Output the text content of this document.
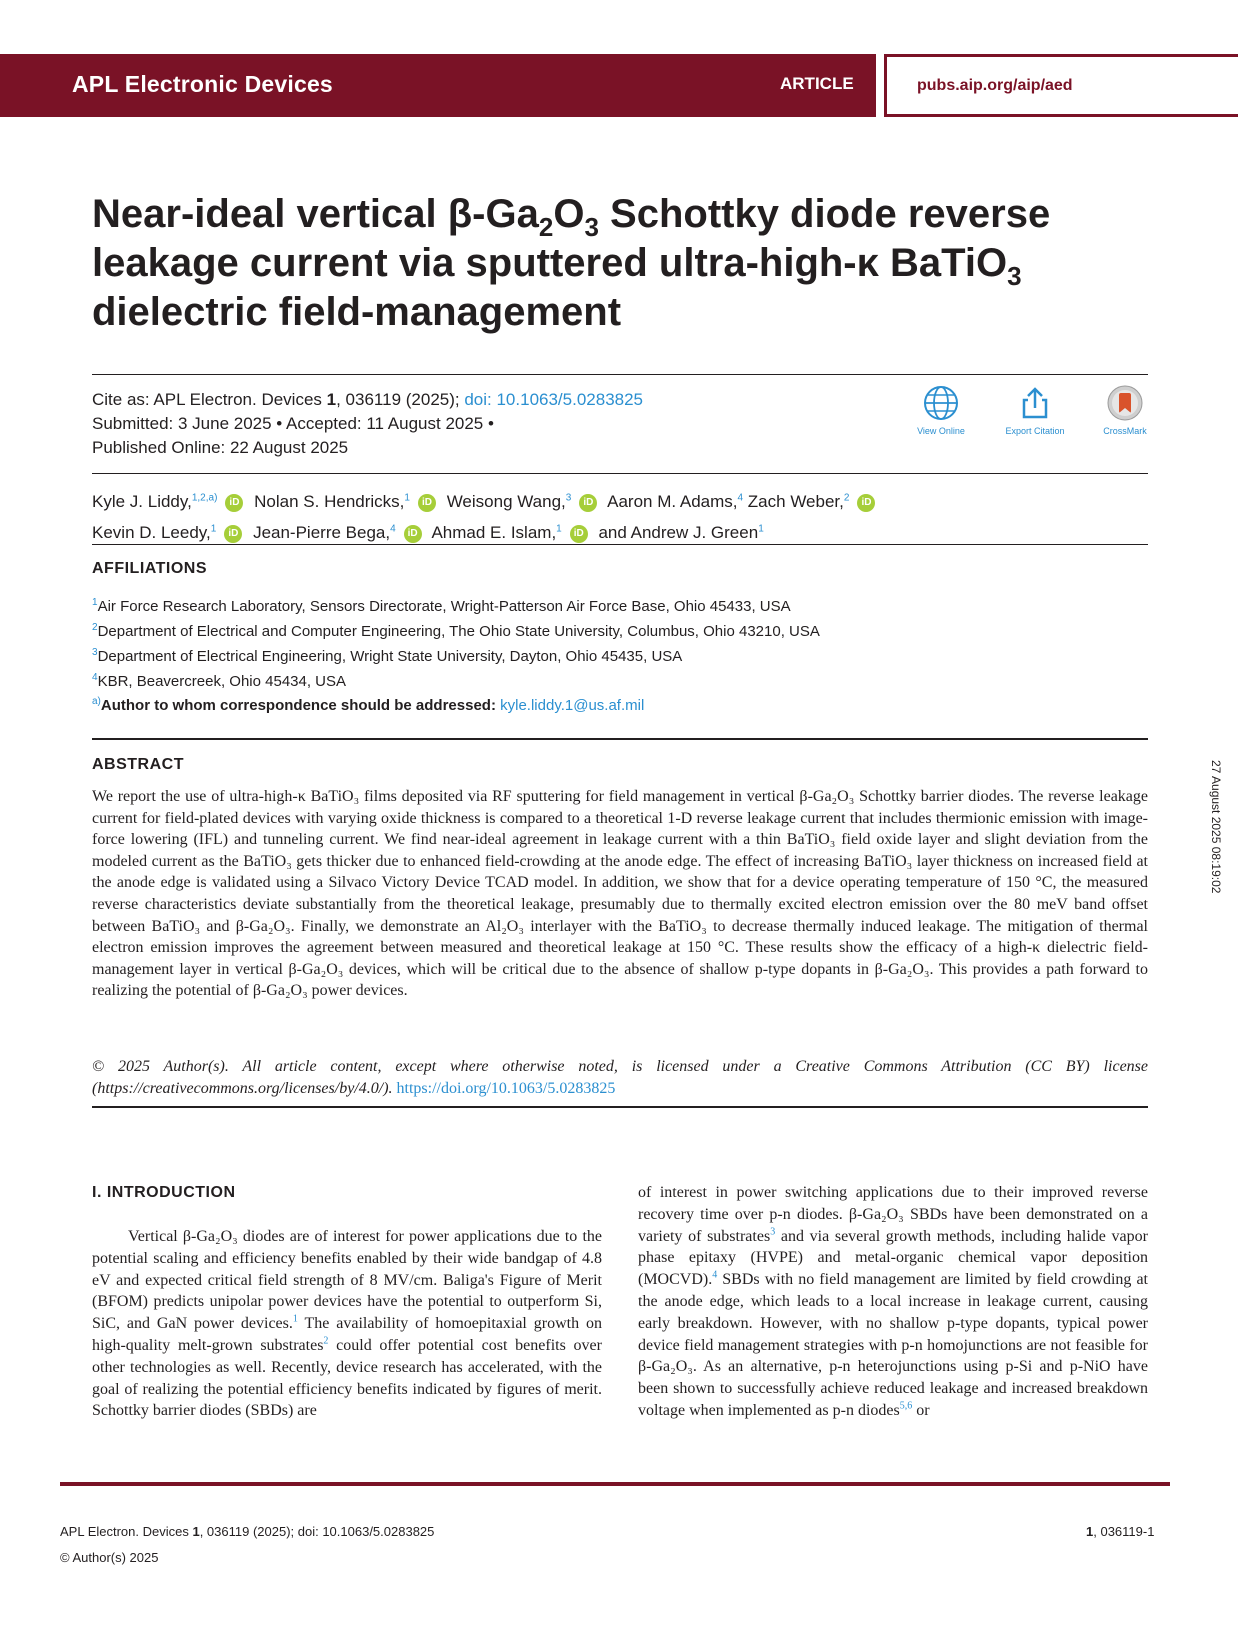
APL Electronic Devices	ARTICLE	pubs.aip.org/aip/aed
Near-ideal vertical $\beta-Ga_2O_3$ Schottky diode reverse
leakage current via sputtered ultra-high-κ BaTiO$_3$
dielectric field-management
Cite as: APL Electron. Devices 1, 036119 (2025); doi: 10.1063/5.0283825
Submitted: 3 June 2025 • Accepted: 11 August 2025 •
Published Online: 22 August 2025
View Online	Export Citation	CrossMark
Kyle J. Liddy,$^{1,2,a)}$ iD Nolan S. Hendricks,$^1$ iD Weisong Wang,$^3$ iD Aaron M. Adams,$^4$ Zach Weber,$^2$ iD
Kevin D. Leedy,$^1$ iD Jean-Pierre Bega,$^4$ iD Ahmad E. Islam,$^1$ iD and Andrew J. Green$^1$
AFFILIATIONS
$^1$Air Force Research Laboratory, Sensors Directorate, Wright-Patterson Air Force Base, Ohio 45433, USA
$^2$Department of Electrical and Computer Engineering, The Ohio State University, Columbus, Ohio 43210, USA
$^3$Department of Electrical Engineering, Wright State University, Dayton, Ohio 45435, USA
$^4$KBR, Beavercreek, Ohio 45434, USA
$^{a)}$Author to whom correspondence should be addressed: kyle.liddy.1@us.af.mil
ABSTRACT
We report the use of ultra-high-κ BaTiO₃ films deposited via RF sputtering for field management in vertical β-Ga₂O₃ Schottky barrier diodes. The reverse leakage current for field-plated devices with varying oxide thickness is compared to a theoretical 1-D reverse leakage current that includes thermionic emission with image-force lowering (IFL) and tunneling current. We find near-ideal agreement in leakage current with a thin BaTiO₃ field oxide layer and slight deviation from the modeled current as the BaTiO₃ gets thicker due to enhanced field-crowding at the anode edge. The effect of increasing BaTiO₃ layer thickness on increased field at the anode edge is validated using a Silvaco Victory Device TCAD model. In addition, we show that for a device operating temperature of 150 °C, the measured reverse characteristics deviate substantially from the theoretical leakage, presumably due to thermally excited electron emission over the 80 meV band offset between BaTiO₃ and β-Ga₂O₃. Finally, we demonstrate an Al₂O₃ interlayer with the BaTiO₃ to decrease thermally induced leakage. The mitigation of thermal electron emission improves the agreement between measured and theoretical leakage at 150 °C. These results show the efficacy of a high-κ dielectric field-management layer in vertical β-Ga₂O₃ devices, which will be critical due to the absence of shallow p-type dopants in β-Ga₂O₃. This provides a path forward to realizing the potential of β-Ga₂O₃ power devices.
© 2025 Author(s). All article content, except where otherwise noted, is licensed under a Creative Commons Attribution (CC BY) license (https://creativecommons.org/licenses/by/4.0/). https://doi.org/10.1063/5.0283825
I. INTRODUCTION
Vertical β-Ga₂O₃ diodes are of interest for power applications due to the potential scaling and efficiency benefits enabled by their wide bandgap of 4.8 eV and expected critical field strength of 8 MV/cm. Baliga's Figure of Merit (BFOM) predicts unipolar power devices have the potential to outperform Si, SiC, and GaN power devices.$^1$ The availability of homoepitaxial growth on high-quality melt-grown substrates$^2$ could offer potential cost benefits over other technologies as well. Recently, device research has accelerated, with the goal of realizing the potential efficiency benefits indicated by figures of merit. Schottky barrier diodes (SBDs) are
of interest in power switching applications due to their improved reverse recovery time over p-n diodes. β-Ga₂O₃ SBDs have been demonstrated on a variety of substrates$^3$ and via several growth methods, including halide vapor phase epitaxy (HVPE) and metal-organic chemical vapor deposition (MOCVD).$^4$ SBDs with no field management are limited by field crowding at the anode edge, which leads to a local increase in leakage current, causing early breakdown. However, with no shallow p-type dopants, typical power device field management strategies with p-n homojunctions are not feasible for β-Ga₂O₃. As an alternative, p-n heterojunctions using p-Si and p-NiO have been shown to successfully achieve reduced leakage and increased breakdown voltage when implemented as p-n diodes$^{5,6}$ or
APL Electron. Devices 1, 036119 (2025); doi: 10.1063/5.0283825
© Author(s) 2025
1, 036119-1
27 August 2025 08:19:02
